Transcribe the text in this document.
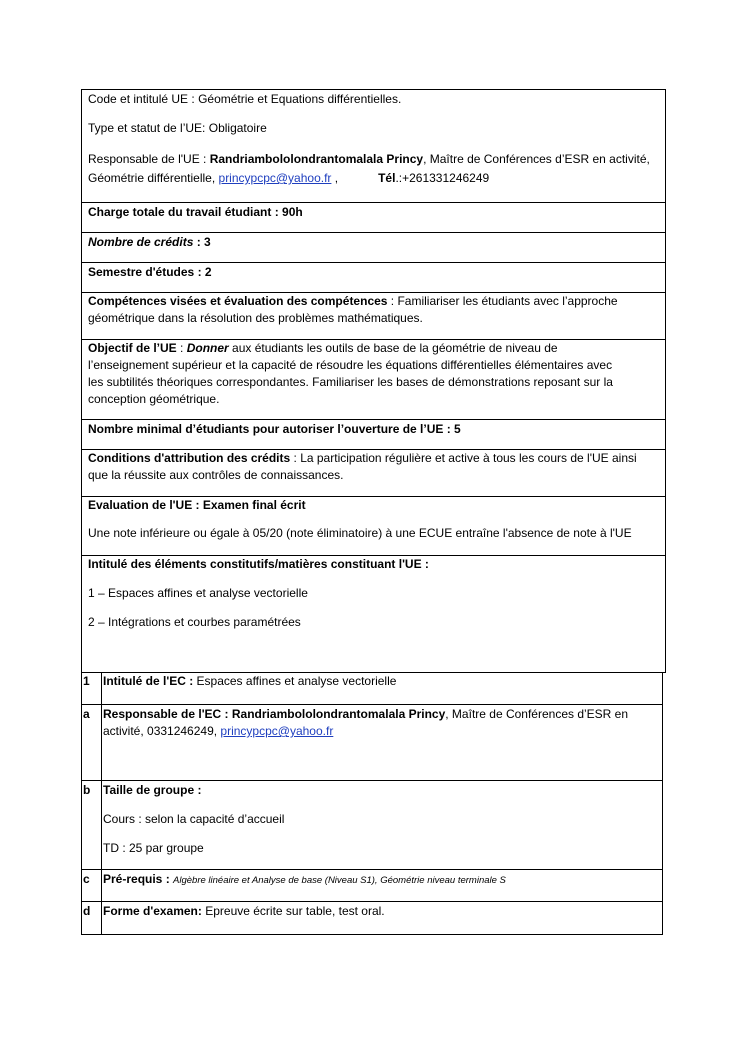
Code et intitulé UE : Géométrie et Equations différentielles.
Type et statut de l’UE: Obligatoire
Responsable de l'UE : Randriambololondrantomalala Princy, Maître de Conférences d’ESR en activité,
Géométrie différentielle, princypcpc@yahoo.fr ,	Tél.:+261331246249

Charge totale du travail étudiant : 90h

Nombre de crédits : 3

Semestre d'études : 2

Compétences visées et évaluation des compétences : Familiariser les étudiants avec l’approche
géométrique dans la résolution des problèmes mathématiques.

Objectif de l’UE : Donner aux étudiants les outils de base de la géométrie de niveau de
l’enseignement supérieur et la capacité de résoudre les équations différentielles élémentaires avec
les subtilités théoriques correspondantes. Familiariser les bases de démonstrations reposant sur la
conception géométrique.

Nombre minimal d’étudiants pour autoriser l’ouverture de l’UE : 5

Conditions d'attribution des crédits : La participation régulière et active à tous les cours de l'UE ainsi
que la réussite aux contrôles de connaissances.

Evaluation de l'UE : Examen final écrit
Une note inférieure ou égale à 05/20 (note éliminatoire) à une ECUE entraîne l'absence de note à l'UE

Intitulé des éléments constitutifs/matières constituant l'UE :
1 – Espaces affines et analyse vectorielle
2 – Intégrations et courbes paramétrées
1	Intitulé de l'EC : Espaces affines et analyse vectorielle

a	Responsable de l'EC : Randriambololondrantomalala Princy, Maître de Conférences d’ESR en
activité, 0331246249, princypcpc@yahoo.fr

b	Taille de groupe :
Cours : selon la capacité d’accueil
TD : 25 par groupe

c	Pré-requis : Algèbre linéaire et Analyse de base (Niveau S1), Géométrie niveau terminale S

d	Forme d'examen: Epreuve écrite sur table, test oral.
